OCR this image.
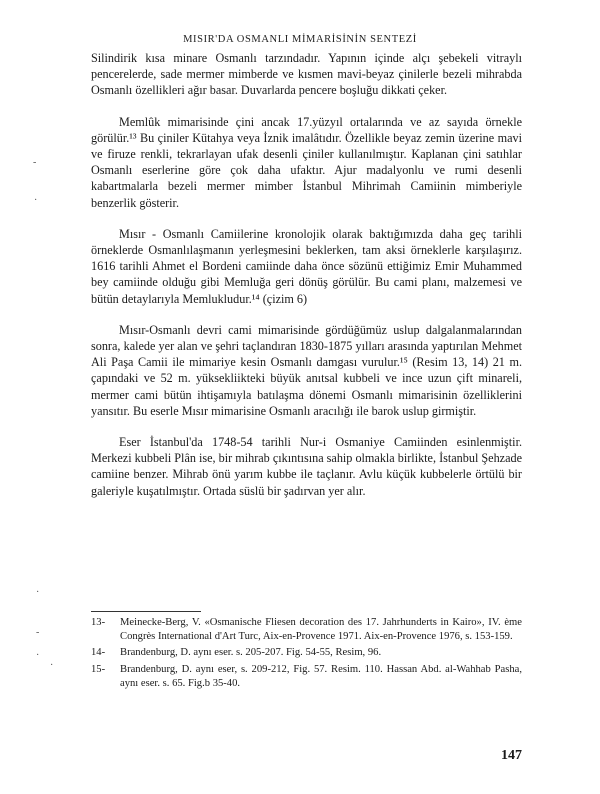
MISIR'DA OSMANLI MİMARİSİNİN SENTEZİ

Silindirik kısa minare Osmanlı tarzındadır. Yapının içinde alçı şebekeli vitraylı pencerelerde, sade mermer mimberde ve kısmen mavi-beyaz çinilerle bezeli mihrabda Osmanlı özellikleri ağır basar. Duvarlarda pencere boşluğu dikkati çeker.

Memlûk mimarisinde çini ancak 17.yüzyıl ortalarında ve az sayıda örnekle görülür.¹³ Bu çiniler Kütahya veya İznik imalâtıdır. Özellikle beyaz zemin üzerine mavi ve firuze renkli, tekrarlayan ufak desenli çiniler kullanılmıştır. Kaplanan çini satıhlar Osmanlı eserlerine göre çok daha ufaktır. Ajur madalyonlu ve rumi desenli kabartmalarla bezeli mermer mimber İstanbul Mihrimah Camiinin mimberiyle benzerlik gösterir.

Mısır - Osmanlı Camiilerine kronolojik olarak baktığımızda daha geç tarihli örneklerde Osmanlılaşmanın yerleşmesini beklerken, tam aksi örneklerle karşılaşırız. 1616 tarihli Ahmet el Bordeni camiinde daha önce sözünü ettiğimiz Emir Muhammed bey camiinde olduğu gibi Memluğa geri dönüş görülür. Bu cami planı, malzemesi ve bütün detaylarıyla Memlukludur.¹⁴ (çizim 6)

Mısır-Osmanlı devri cami mimarisinde gördüğümüz uslup dalgalanmalarından sonra, kalede yer alan ve şehri taçlandıran 1830-1875 yılları arasında yaptırılan Mehmet Ali Paşa Camii ile mimariye kesin Osmanlı damgası vurulur.¹⁵ (Resim 13, 14) 21 m. çapındaki ve 52 m. yüksekliikteki büyük anıtsal kubbeli ve ince uzun çift minareli, mermer cami bütün ihtişamıyla batılaşma dönemi Osmanlı mimarisinin özelliklerini yansıtır. Bu eserle Mısır mimarisine Osmanlı aracılığı ile barok uslup girmiştir.

Eser İstanbul'da 1748-54 tarihli Nur-i Osmaniye Camiinden esinlenmiştir. Merkezi kubbeli Plân ise, bir mihrab çıkıntısına sahip olmakla birlikte, İstanbul Şehzade camiine benzer. Mihrab önü yarım kubbe ile taçlanır. Avlu küçük kubbelerle örtülü bir galeriyle kuşatılmıştır. Ortada süslü bir şadırvan yer alır.

13-	Meinecke-Berg, V. «Osmanische Fliesen decoration des 17. Jahrhunderts in Kairo», IV. ème Congrès International d'Art Turc, Aix-en-Provence 1971. Aix-en-Provence 1976, s. 153-159.
14-	Brandenburg, D. aynı eser. s. 205-207. Fig. 54-55, Resim, 96.
15-	Brandenburg, D. aynı eser, s. 209-212, Fig. 57. Resim. 110. Hassan Abd. al-Wahhab Pasha, aynı eser. s. 65. Fig.b 35-40.
147
-
·
·
-
·
·
